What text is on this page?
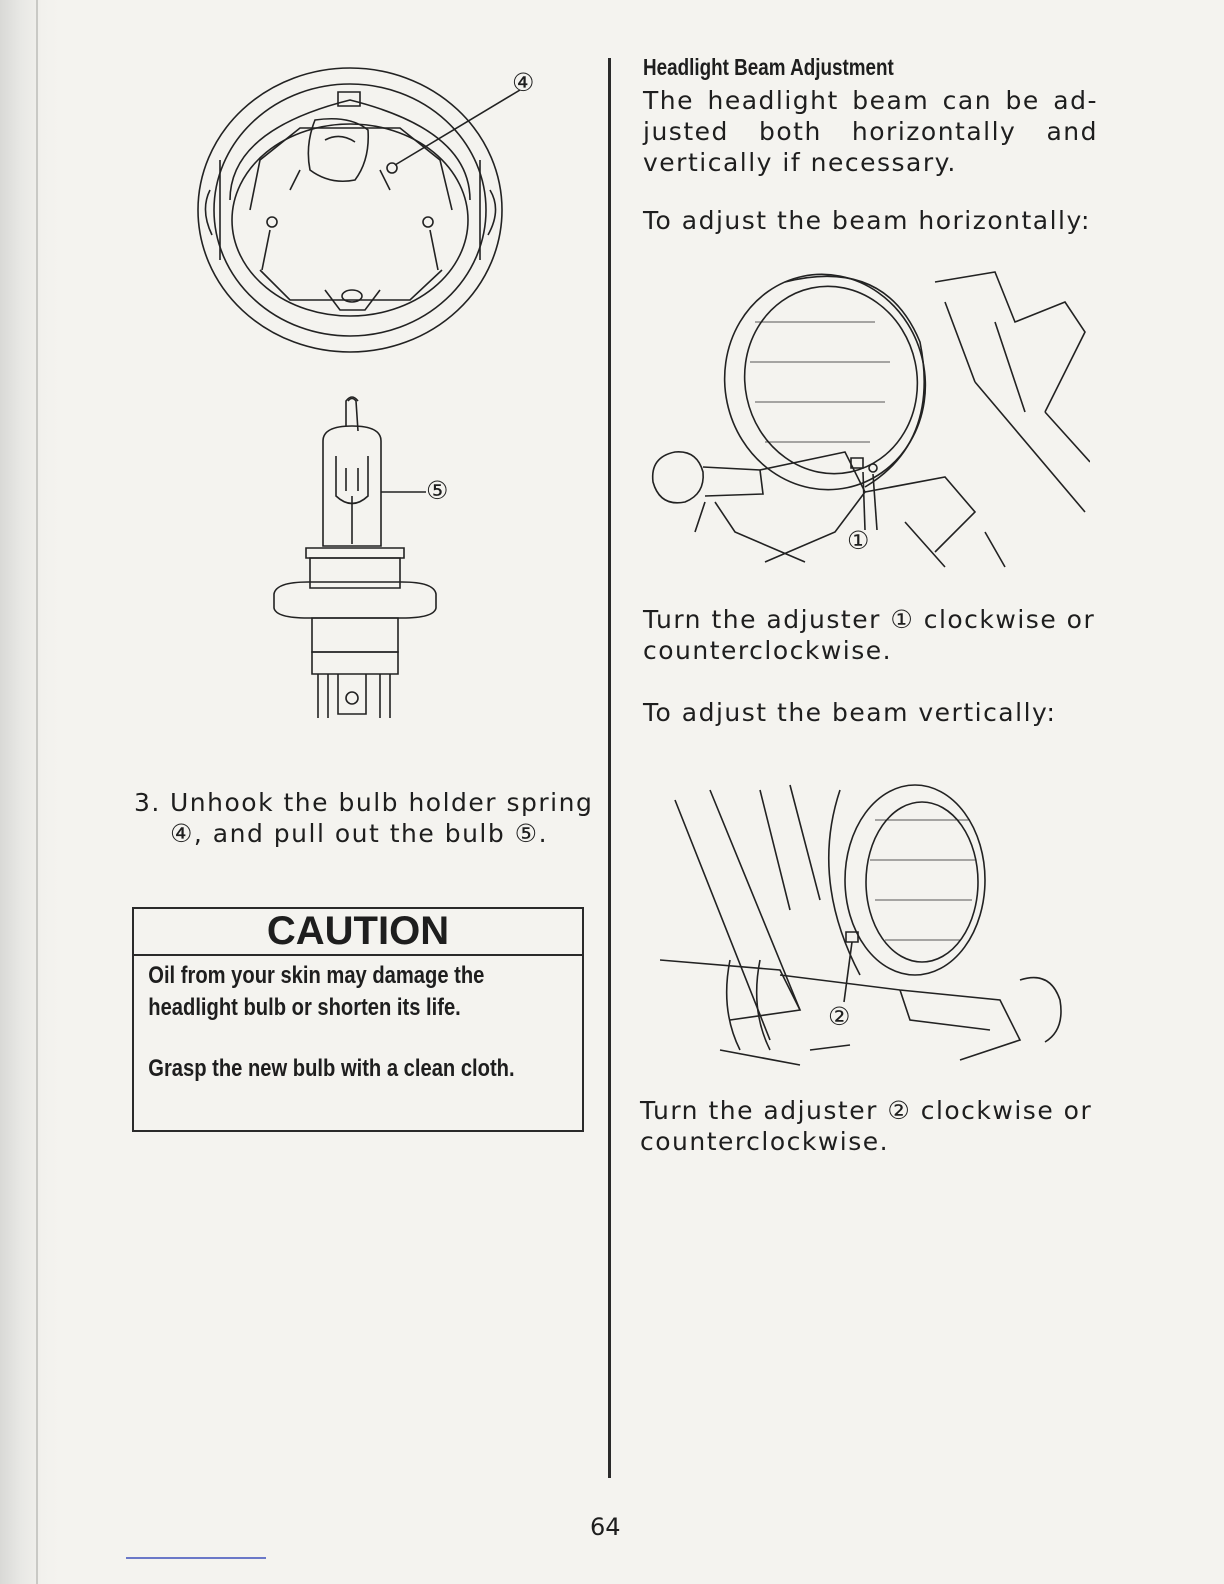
④
⑤
3. Unhook the bulb holder spring
④, and pull out the bulb ⑤.
CAUTION

Oil from your skin may damage the headlight bulb or shorten its life.

Grasp the new bulb with a clean cloth.

Headlight Beam Adjustment
The headlight beam can be ad-
justed both horizontally and
vertically if necessary.
To adjust the beam horizontally:
①
Turn the adjuster ① clockwise or counterclockwise.
To adjust the beam vertically:
②
Turn the adjuster ② clockwise or counterclockwise.
64
